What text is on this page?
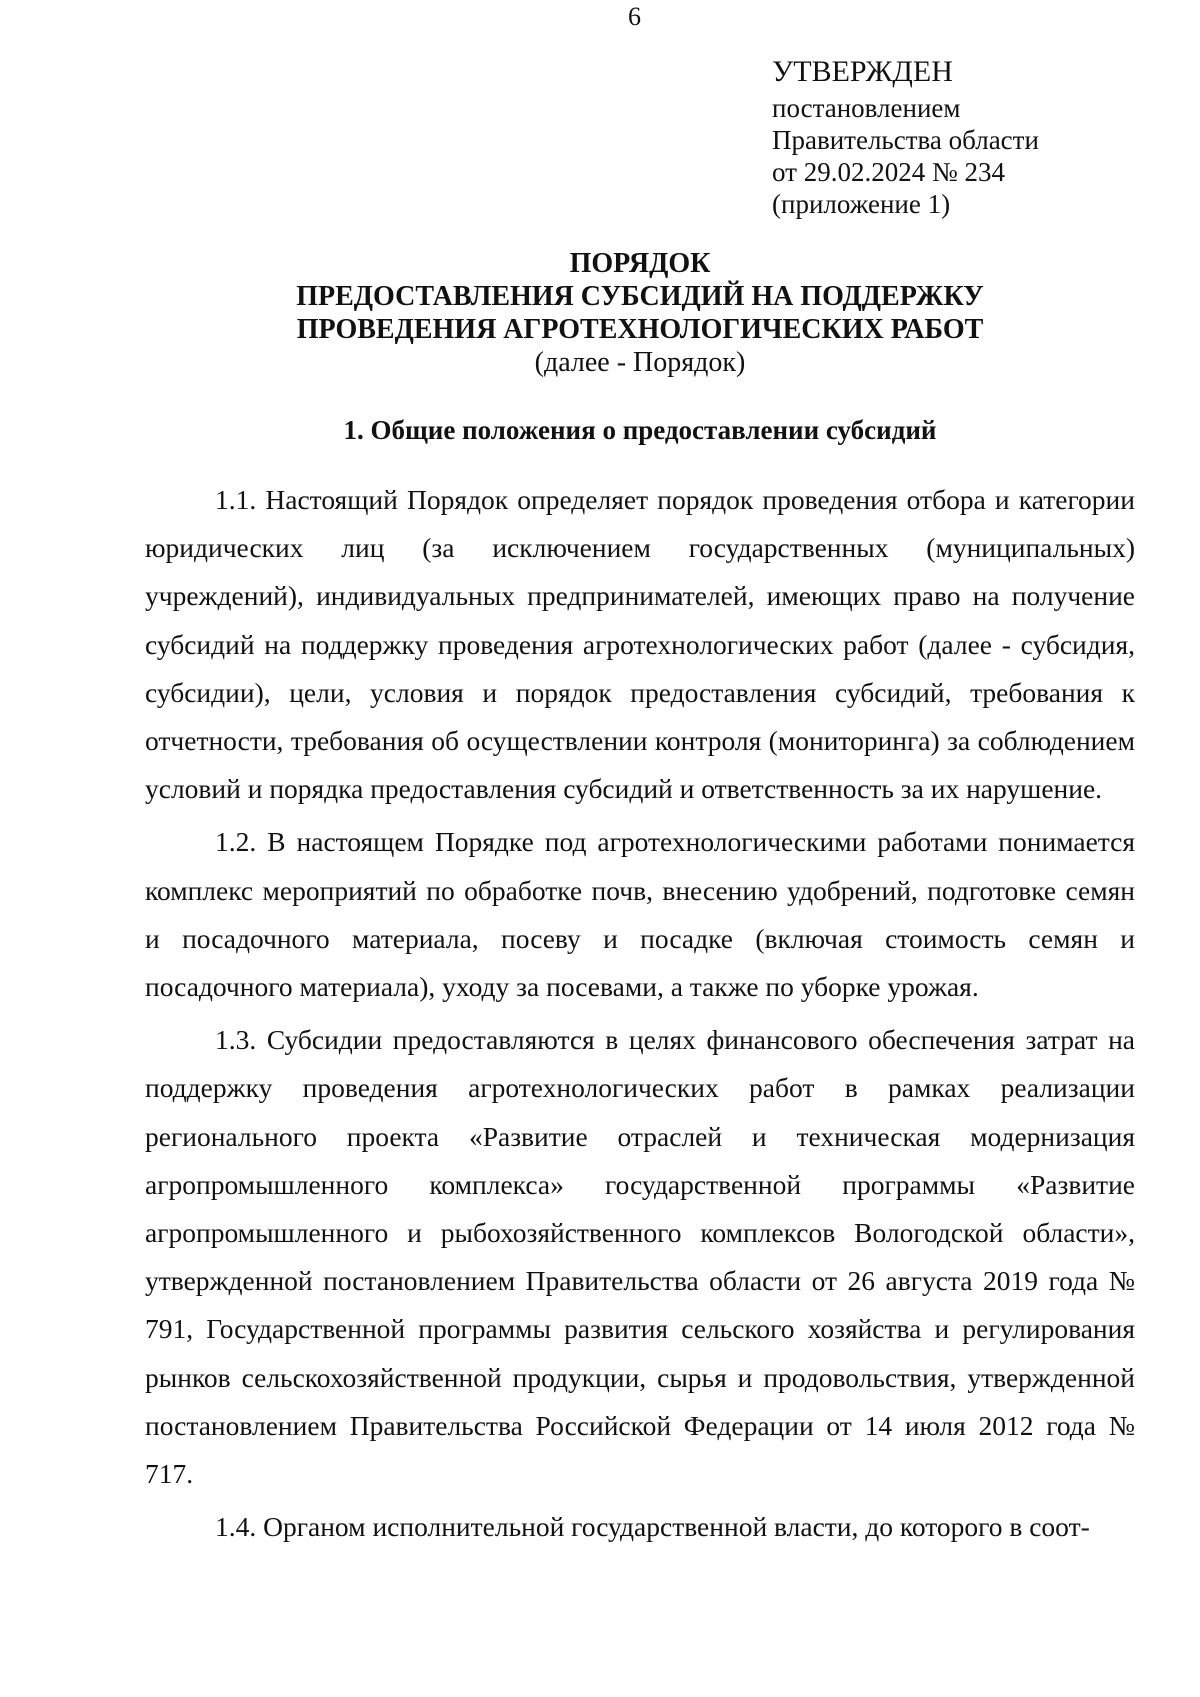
6
УТВЕРЖДЕН
постановлением
Правительства области
от 29.02.2024 № 234
(приложение 1)
ПОРЯДОК
ПРЕДОСТАВЛЕНИЯ СУБСИДИЙ НА ПОДДЕРЖКУ
ПРОВЕДЕНИЯ АГРОТЕХНОЛОГИЧЕСКИХ РАБОТ
(далее - Порядок)
1. Общие положения о предоставлении субсидий

1.1. Настоящий Порядок определяет порядок проведения отбора и категории юридических лиц (за исключением государственных (муниципальных) учреждений), индивидуальных предпринимателей, имеющих право на получение субсидий на поддержку проведения агротехнологических работ (далее - субсидия, субсидии), цели, условия и порядок предоставления субсидий, требования к отчетности, требования об осуществлении контроля (мониторинга) за соблюдением условий и порядка предоставления субсидий и ответственность за их нарушение.

1.2. В настоящем Порядке под агротехнологическими работами понимается комплекс мероприятий по обработке почв, внесению удобрений, подготовке семян и посадочного материала, посеву и посадке (включая стоимость семян и посадочного материала), уходу за посевами, а также по уборке урожая.

1.3. Субсидии предоставляются в целях финансового обеспечения затрат на поддержку проведения агротехнологических работ в рамках реализации регионального проекта «Развитие отраслей и техническая модернизация агропромышленного комплекса» государственной программы «Развитие агропромышленного и рыбохозяйственного комплексов Вологодской области», утвержденной постановлением Правительства области от 26 августа 2019 года № 791, Государственной программы развития сельского хозяйства и регулирования рынков сельскохозяйственной продукции, сырья и продовольствия, утвержденной постановлением Правительства Российской Федерации от 14 июля 2012 года № 717.

1.4. Органом исполнительной государственной власти, до которого в соот-
